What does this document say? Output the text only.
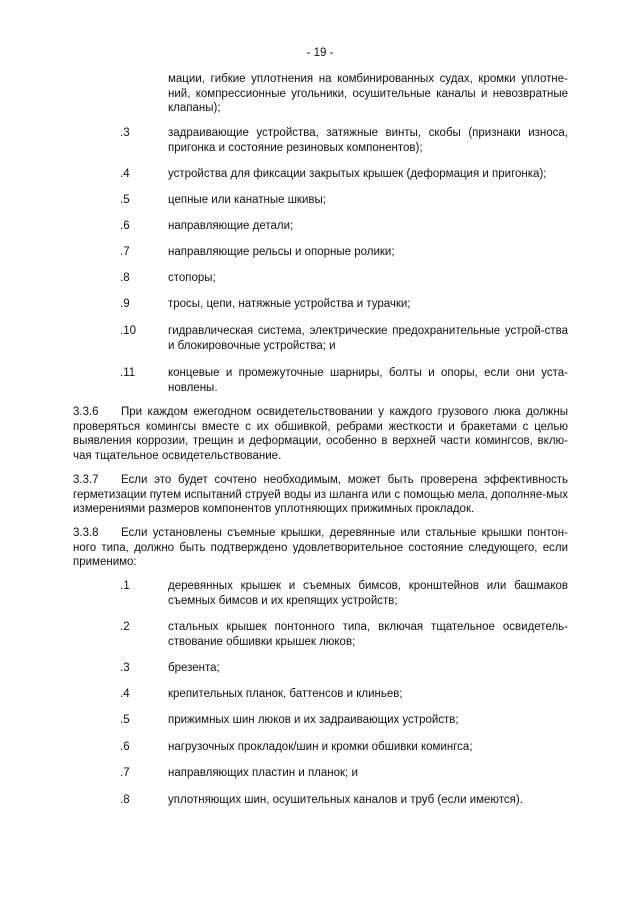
- 19 -
мации, гибкие уплотнения на комбинированных судах, кромки уплотне-ний, компрессионные угольники, осушительные каналы и невозвратные клапаны);
.3	задраивающие устройства, затяжные винты, скобы (признаки износа, пригонка и состояние резиновых компонентов);
.4	устройства для фиксации закрытых крышек (деформация и пригонка);
.5	цепные или канатные шкивы;
.6	направляющие детали;
.7	направляющие рельсы и опорные ролики;
.8	стопоры;
.9	тросы, цепи, натяжные устройства и турачки;
.10	гидравлическая система, электрические предохранительные устрой-ства и блокировочные устройства; и
.11	концевые и промежуточные шарниры, болты и опоры, если они уста-новлены.
3.3.6 При каждом ежегодном освидетельствовании у каждого грузового люка должны проверяться комингсы вместе с их обшивкой, ребрами жесткости и бракетами с целью выявления коррозии, трещин и деформации, особенно в верхней части комингсов, вклю-чая тщательное освидетельствование.
3.3.7 Если это будет сочтено необходимым, может быть проверена эффективность герметизации путем испытаний струей воды из шланга или с помощью мела, дополняе-мых измерениями размеров компонентов уплотняющих прижимных прокладок.
3.3.8 Если установлены съемные крышки, деревянные или стальные крышки понтон-ного типа, должно быть подтверждено удовлетворительное состояние следующего, если применимо:
.1	деревянных крышек и съемных бимсов, кронштейнов или башмаков съемных бимсов и их крепящих устройств;
.2	стальных крышек понтонного типа, включая тщательное освидетель-ствование обшивки крышек люков;
.3	брезента;
.4	крепительных планок, баттенсов и клиньев;
.5	прижимных шин люков и их задраивающих устройств;
.6	нагрузочных прокладок/шин и кромки обшивки комингса;
.7	направляющих пластин и планок; и
.8	уплотняющих шин, осушительных каналов и труб (если имеются).
